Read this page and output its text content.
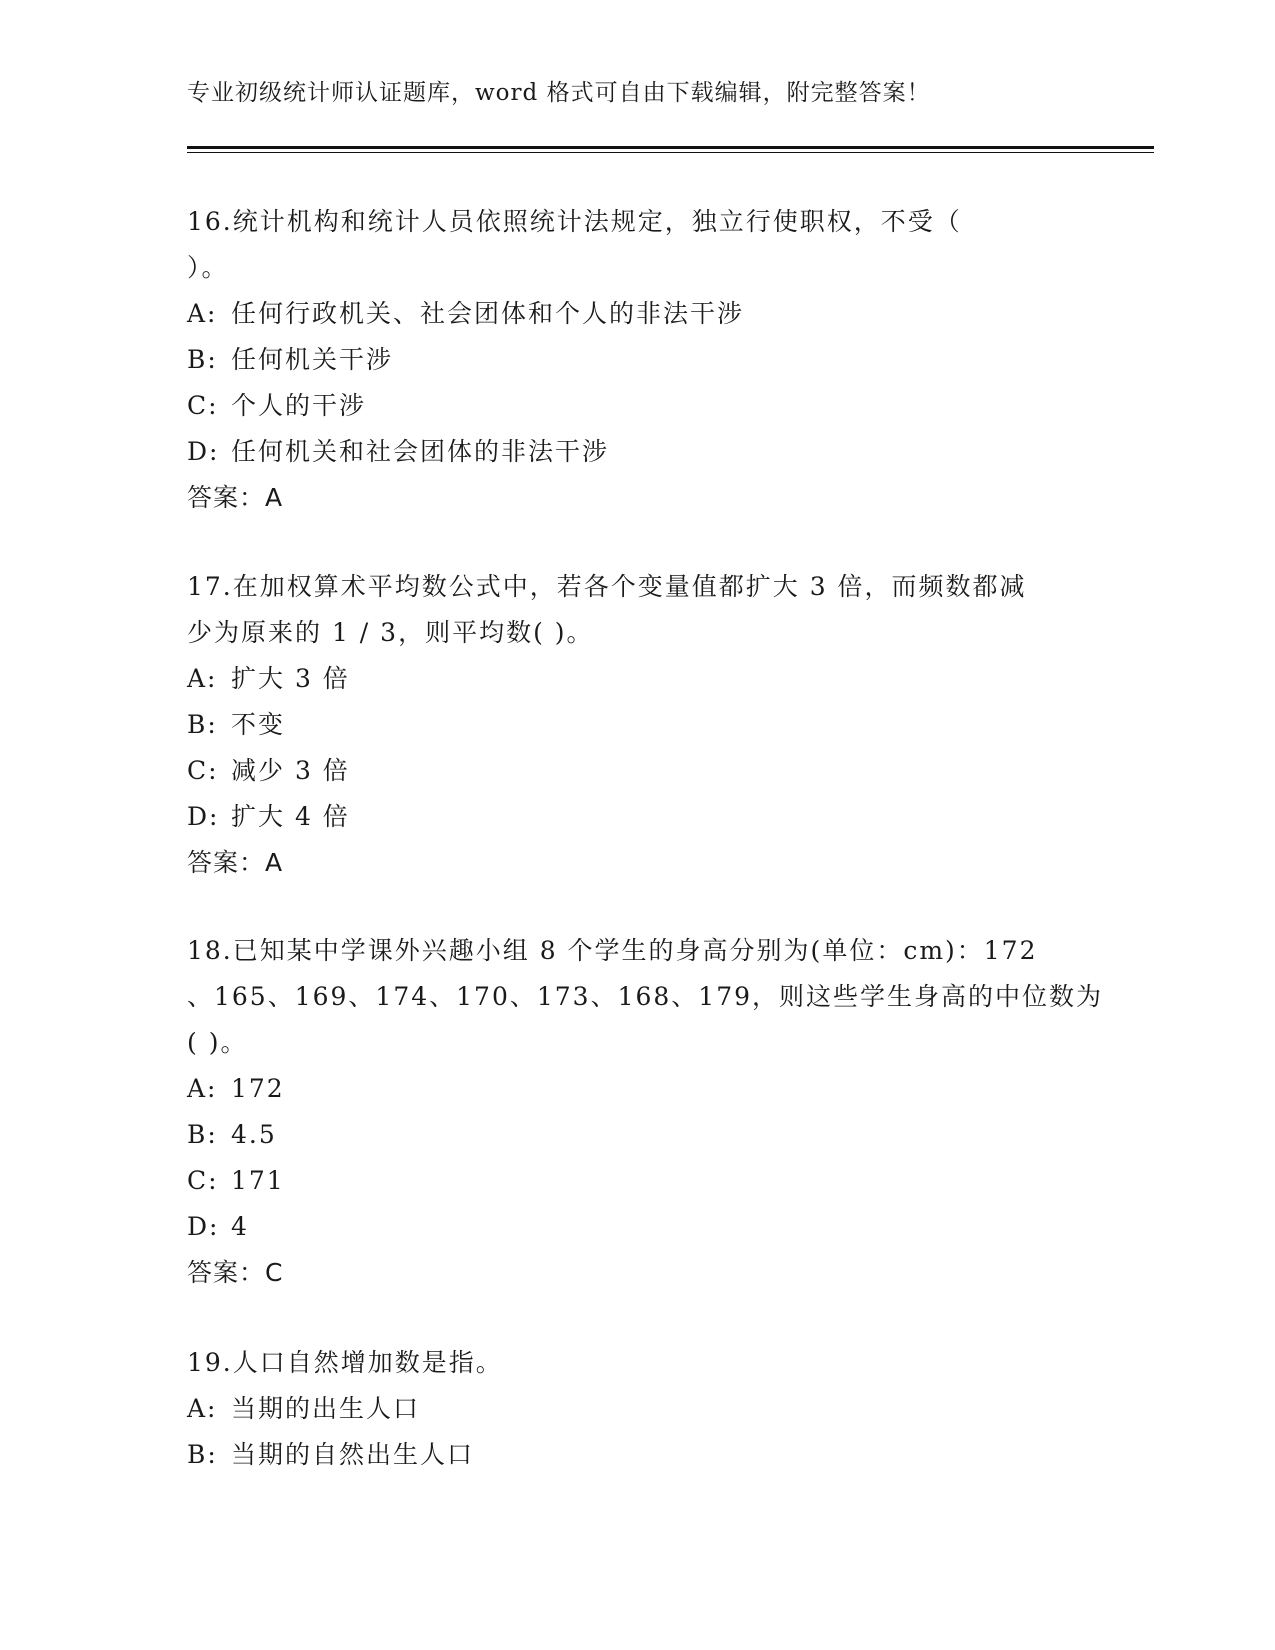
专业初级统计师认证题库，word 格式可自由下载编辑，附完整答案！
16.统计机构和统计人员依照统计法规定，独立行使职权，不受（
）。
A: 任何行政机关、社会团体和个人的非法干涉
B: 任何机关干涉
C: 个人的干涉
D: 任何机关和社会团体的非法干涉
答案：A
17.在加权算术平均数公式中，若各个变量值都扩大 3 倍，而频数都减
少为原来的 1 / 3，则平均数( )。
A: 扩大 3 倍
B: 不变
C: 减少 3 倍
D: 扩大 4 倍
答案：A
18.已知某中学课外兴趣小组 8 个学生的身高分别为(单位：cm)：172
、165、169、174、170、173、168、179，则这些学生身高的中位数为
( )。
A: 172
B: 4.5
C: 171
D: 4
答案：C
19.人口自然增加数是指。
A: 当期的出生人口
B: 当期的自然出生人口
